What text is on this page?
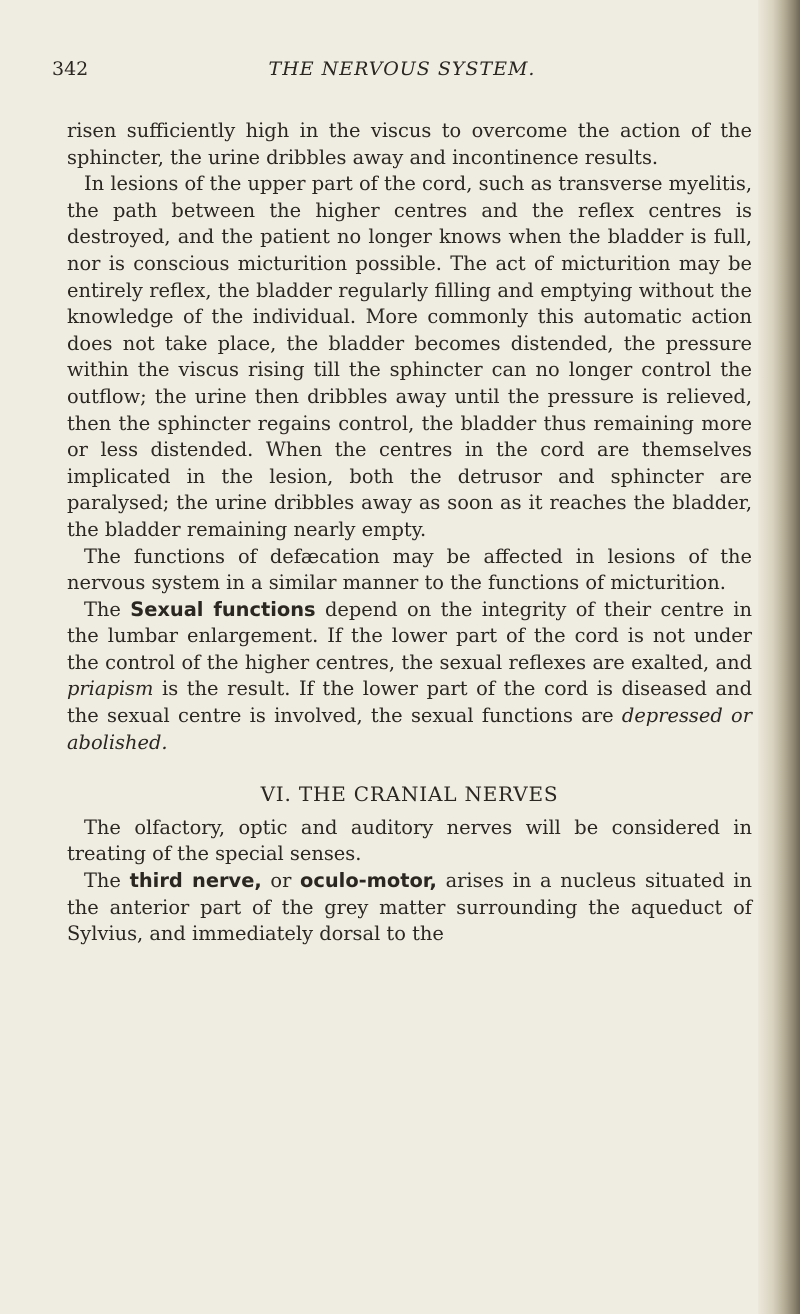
342	THE NERVOUS SYSTEM.

risen sufficiently high in the viscus to overcome the action of the sphincter, the urine dribbles away and incontinence results.

In lesions of the upper part of the cord, such as transverse myelitis, the path between the higher centres and the reflex centres is destroyed, and the patient no longer knows when the bladder is full, nor is conscious micturition possible. The act of micturition may be entirely reflex, the bladder regularly filling and emptying without the knowledge of the individual. More commonly this automatic action does not take place, the bladder becomes distended, the pressure within the viscus rising till the sphincter can no longer control the outflow; the urine then dribbles away until the pressure is relieved, then the sphincter regains control, the bladder thus remaining more or less distended. When the centres in the cord are themselves implicated in the lesion, both the detrusor and sphincter are paralysed; the urine dribbles away as soon as it reaches the bladder, the bladder remaining nearly empty.

The functions of defæcation may be affected in lesions of the nervous system in a similar manner to the functions of micturition.

The Sexual functions depend on the integrity of their centre in the lumbar enlargement. If the lower part of the cord is not under the control of the higher centres, the sexual reflexes are exalted, and priapism is the result. If the lower part of the cord is diseased and the sexual centre is involved, the sexual functions are depressed or abolished.

VI. THE CRANIAL NERVES

The olfactory, optic and auditory nerves will be considered in treating of the special senses.

The third nerve, or oculo-motor, arises in a nucleus situated in the anterior part of the grey matter surrounding the aqueduct of Sylvius, and immediately dorsal to the
